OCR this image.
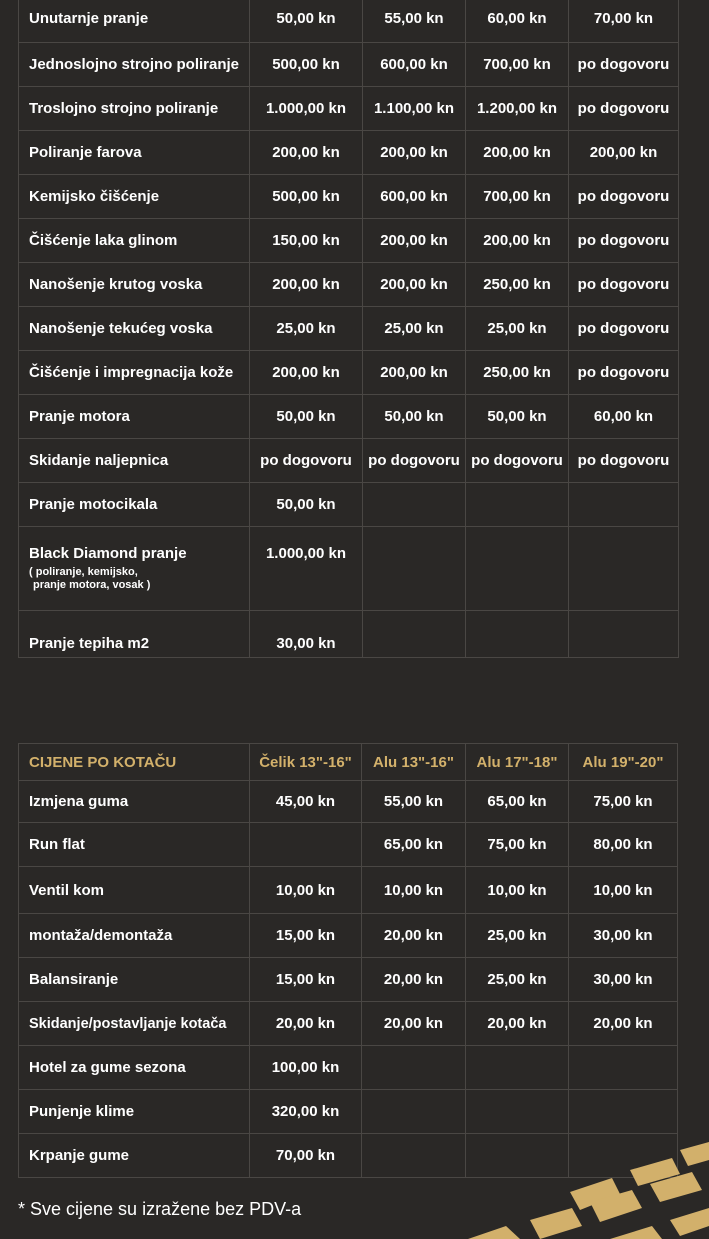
Unutarnje pranje	50,00 kn	55,00 kn	60,00 kn	70,00 kn
Jednoslojno strojno poliranje	500,00 kn	600,00 kn	700,00 kn	po dogovoru
Troslojno strojno poliranje	1.000,00 kn	1.100,00 kn	1.200,00 kn	po dogovoru
Poliranje farova	200,00 kn	200,00 kn	200,00 kn	200,00 kn
Kemijsko čišćenje	500,00 kn	600,00 kn	700,00 kn	po dogovoru
Čišćenje laka glinom	150,00 kn	200,00 kn	200,00 kn	po dogovoru
Nanošenje krutog voska	200,00 kn	200,00 kn	250,00 kn	po dogovoru
Nanošenje tekućeg voska	25,00 kn	25,00 kn	25,00 kn	po dogovoru
Čišćenje i impregnacija kože	200,00 kn	200,00 kn	250,00 kn	po dogovoru
Pranje motora	50,00 kn	50,00 kn	50,00 kn	60,00 kn
Skidanje naljepnica	po dogovoru	po dogovoru	po dogovoru	po dogovoru
Pranje motocikala	50,00 kn			
Black Diamond pranje
( poliranje, kemijsko,
pranje motora, vosak )	1.000,00 kn			
Pranje tepiha m2	30,00 kn			
CIJENE PO KOTAČU	Čelik 13"-16"	Alu 13"-16"	Alu 17"-18"	Alu 19"-20"
Izmjena guma	45,00 kn	55,00 kn	65,00 kn	75,00 kn
Run flat		65,00 kn	75,00 kn	80,00 kn
Ventil kom	10,00 kn	10,00 kn	10,00 kn	10,00 kn
montaža/demontaža	15,00 kn	20,00 kn	25,00 kn	30,00 kn
Balansiranje	15,00 kn	20,00 kn	25,00 kn	30,00 kn
Skidanje/postavljanje kotača	20,00 kn	20,00 kn	20,00 kn	20,00 kn
Hotel za gume sezona	100,00 kn			
Punjenje klime	320,00 kn			
Krpanje gume	70,00 kn			
* Sve cijene su izražene bez PDV-a
